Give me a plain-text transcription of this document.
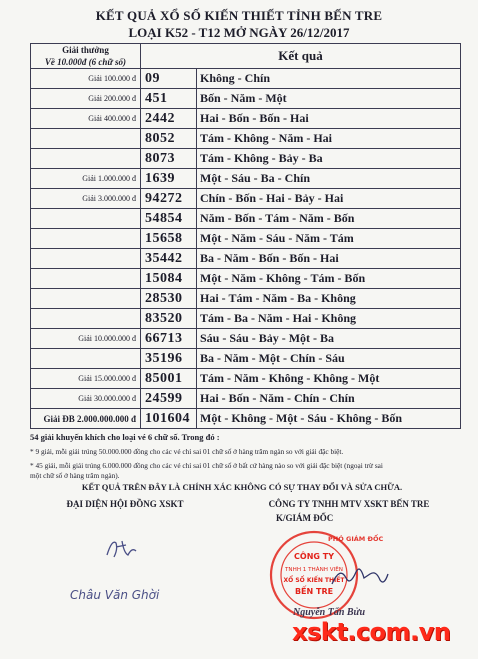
KẾT QUẢ XỔ SỐ KIẾN THIẾT TỈNH BẾN TRE
LOẠI K52 - T12 MỞ NGÀY 26/12/2017
Giải thưởng
Về 10.000đ (6 chữ số)	Kết quả	
Giải 100.000 đ	09	Không - Chín
Giải 200.000 đ	451	Bốn - Năm - Một
Giải 400.000 đ	2442	Hai - Bốn - Bốn - Hai
	8052	Tám - Không - Năm - Hai
	8073	Tám - Không - Bảy - Ba
Giải 1.000.000 đ	1639	Một - Sáu - Ba - Chín
Giải 3.000.000 đ	94272	Chín - Bốn - Hai - Bảy - Hai
	54854	Năm - Bốn - Tám - Năm - Bốn
	15658	Một - Năm - Sáu - Năm - Tám
	35442	Ba - Năm - Bốn - Bốn - Hai
	15084	Một - Năm - Không - Tám - Bốn
	28530	Hai - Tám - Năm - Ba - Không
	83520	Tám - Ba - Năm - Hai - Không
Giải 10.000.000 đ	66713	Sáu - Sáu - Bảy - Một - Ba
	35196	Ba - Năm - Một - Chín - Sáu
Giải 15.000.000 đ	85001	Tám - Năm - Không - Không - Một
Giải 30.000.000 đ	24599	Hai - Bốn - Năm - Chín - Chín
Giải ĐB 2.000.000.000 đ	101604	Một - Không - Một - Sáu - Không - Bốn
54 giải khuyến khích cho loại vé 6 chữ số. Trong đó :
* 9 giải, mỗi giải trúng 50.000.000 đồng cho các vé chỉ sai 01 chữ số ở hàng trăm ngàn so với giải đặc biệt.
* 45 giải, mỗi giải trúng 6.000.000 đồng cho các vé chỉ sai 01 chữ số ở bất cứ hàng nào so với giải đặc biệt (ngoại trừ sai
một chữ số ở hàng trăm ngàn).
KẾT QUẢ TRÊN ĐÂY LÀ CHÍNH XÁC KHÔNG CÓ SỰ THAY ĐỔI VÀ SỬA CHỮA.
ĐẠI DIỆN HỘI ĐỒNG XSKT	CÔNG TY TNHH MTV XSKT BẾN TRE
K/GIÁM ĐỐC
Châu Văn Ghời
CÔNG TY
TNHH 1 THÀNH VIÊN
XỔ SỐ KIẾN THIẾT
BẾN TRE
PHÓ GIÁM ĐỐC
Nguyễn Tấn Bửu
xskt.com.vn
